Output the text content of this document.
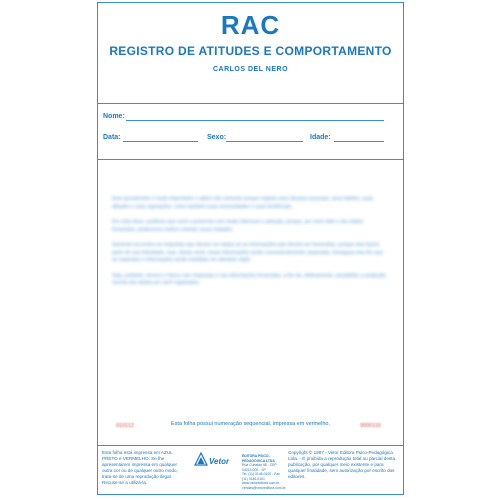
RAC
REGISTRO DE ATITUDES E COMPORTAMENTO
CARLOS DEL NERO
Nome:
Data:	Sexo:	Idade:

Este questionário é muito importante e utilizo não somente porque registra seus desejos pessoais, seus hábitos, suas atitudes e suas aspirações, como também suas necessidades e suas tendências.

Em vista disso, pedimos que você o preencha com muito interesse e atenção, porque, por meio dele e dos dados fornecidos, poderemos melhor orientar nosso trabalho.

Somente escrevéra as respostas que devem ser dadas se as informações que devem ser fornecidas, porque elas fazem parte de sua intimidade, mas, deixar-senti, essas informações serão convenientemente separadas. Assegura-mos-lhe que as respostas e informações serão mantidas em absoluto sigilo.

Seja, portanto, sincero e franco nas respostas e nas informações fornecidas, a fim de, efetivamente, possibilitar a avaliação correta dos dados por você registrados.

010112	Esta folha possui numeração sequencial, impressa em vermelho.	0000115
Esta folha está impressa em AZUL PRETO e VERMELHO. Se lhe apresentarem impressa em qualquer outra cor ou de qualquer outro modo, trata-se de uma reprodução ilegal. Recuse-se a utilizá-la.
Vetor
EDITORA PSICO-PEDAGÓGICA LTDA
Rua Cubatão 48 - CEP 04013-000 - SP
Tel. (11) 3146-0100 - Fax (11) 3146-0101
www.vetoreditora.com.br vendas@vetoreditora.com.br
Copyright © 1997 - Vetor Editora Psico-Pedagógica Ltda. - É proibida a reprodução total ou parcial desta publicação, por qualquer meio existente e para qualquer finalidade, sem autorização por escrito dos editores.
